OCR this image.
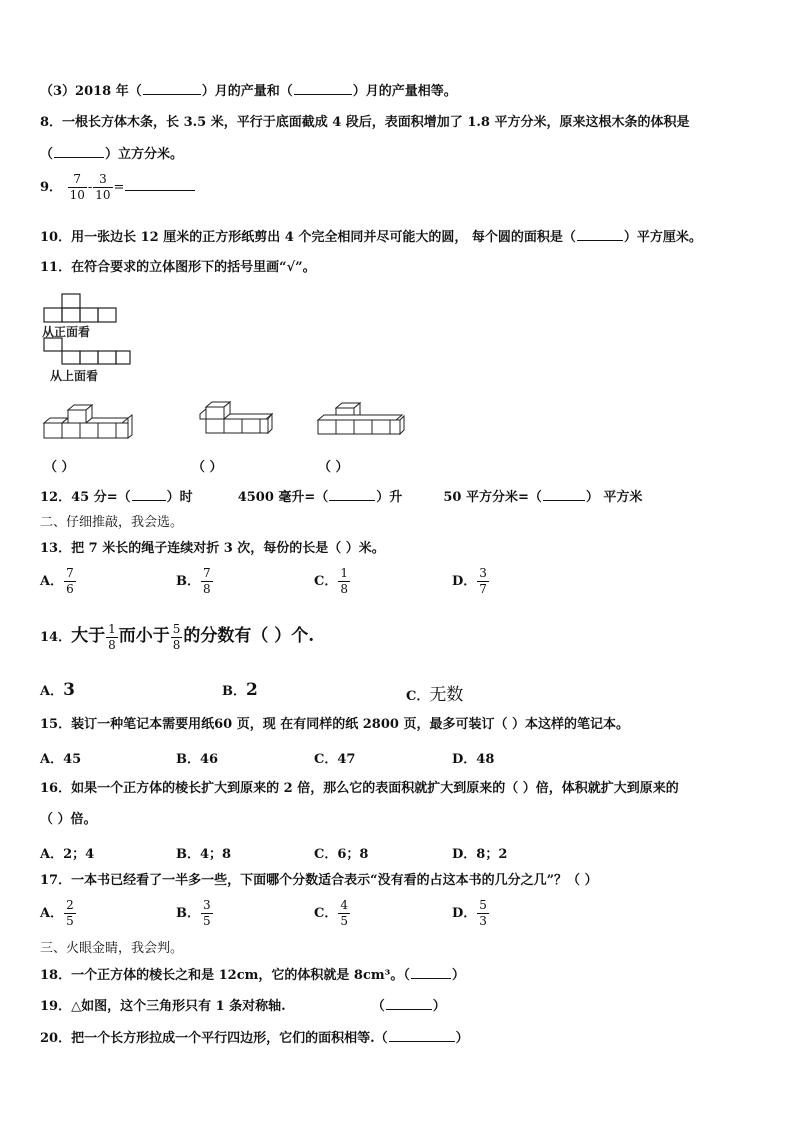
（3）2018 年（	）月的产量和（	）月的产量相等。
8．一根长方体木条，长 3.5 米，平行于底面截成 4 段后，表面积增加了 1.8 平方分米，原来这根木条的体积是
（	）立方分米。
9． $\frac{7}{10} - \frac{3}{10}$ =
10．用一张边长 12 厘米的正方形纸剪出 4 个完全相同并尽可能大的圆， 每个圆的面积是（	）平方厘米。
11．在符合要求的立体图形下的括号里画“√”。
从正面看
从上面看
（ ）	（ ）	（ ）
12．45 分=（	）时	4500 毫升=（	）升	50 平方分米=（	） 平方米
二、仔细推敲，我会选。
13．把 7 米长的绳子连续对折 3 次，每份的长是（ ）米。
A． $\frac{7}{6}$	B． $\frac{7}{8}$	C． $\frac{1}{8}$	D． $\frac{3}{7}$
14．大于 $\frac{1}{8}$ 而小于 $\frac{5}{8}$ 的分数有（ ）个.
A．3	B．2	C．无数
15．装订一种笔记本需要用纸60 页，现 在有同样的纸 2800 页，最多可装订（ ）本这样的笔记本。
A．45	B．46	C．47	D．48
16．如果一个正方体的棱长扩大到原来的 2 倍，那么它的表面积就扩大到原来的（ ）倍，体积就扩大到原来的
（ ）倍。
A．2；4	B．4；8	C．6；8	D．8；2
17．一本书已经看了一半多一些，下面哪个分数适合表示“没有看的占这本书的几分之几”？（ ）
A． $\frac{2}{5}$	B． $\frac{3}{5}$	C． $\frac{4}{5}$	D． $\frac{5}{3}$
三、火眼金睛，我会判。
18．一个正方体的棱长之和是 12cm，它的体积就是 8cm³。（	）
19．△如图，这个三角形只有 1 条对称轴.	（	）
20．把一个长方形拉成一个平行四边形，它们的面积相等.（	）
